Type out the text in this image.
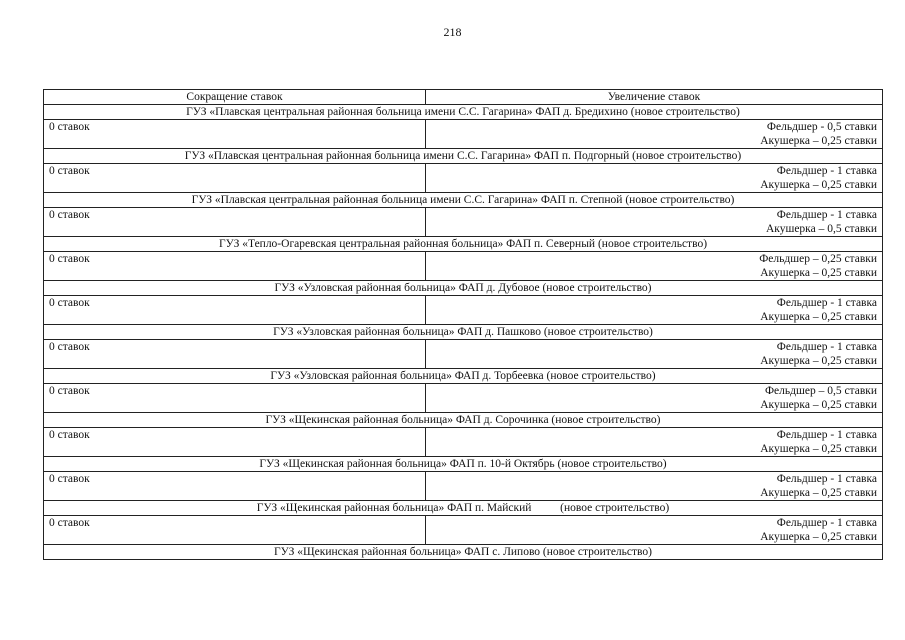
218
Сокращение ставок	Увеличение ставок
ГУЗ «Плавская центральная районная больница имени С.С. Гагарина» ФАП д. Бредихино (новое строительство)	
0 ставок	Фельдшер - 0,5 ставки
Акушерка – 0,25 ставки

ГУЗ «Плавская центральная районная больница имени С.С. Гагарина» ФАП п. Подгорный (новое строительство)	
0 ставок	Фельдшер - 1 ставка
Акушерка – 0,25 ставки

ГУЗ «Плавская центральная районная больница имени С.С. Гагарина» ФАП п. Степной (новое строительство)	
0 ставок	Фельдшер - 1 ставка
Акушерка – 0,5 ставки

ГУЗ «Тепло-Огаревская центральная районная больница» ФАП п. Северный (новое строительство)	
0 ставок	Фельдшер – 0,25 ставки
Акушерка – 0,25 ставки

ГУЗ «Узловская районная больница» ФАП д. Дубовое (новое строительство)	
0 ставок	Фельдшер - 1 ставка
Акушерка – 0,25 ставки

ГУЗ «Узловская районная больница» ФАП д. Пашково (новое строительство)	
0 ставок	Фельдшер - 1 ставка
Акушерка – 0,25 ставки

ГУЗ «Узловская районная больница» ФАП д. Торбеевка (новое строительство)	
0 ставок	Фельдшер – 0,5 ставки
Акушерка – 0,25 ставки

ГУЗ «Щекинская районная больница» ФАП д. Сорочинка (новое строительство)	
0 ставок	Фельдшер - 1 ставка
Акушерка – 0,25 ставки

ГУЗ «Щекинская районная больница» ФАП п. 10-й Октябрь (новое строительство)	
0 ставок	Фельдшер - 1 ставка
Акушерка – 0,25 ставки

ГУЗ «Щекинская районная больница» ФАП п. Майский          (новое строительство)	
0 ставок	Фельдшер - 1 ставка
Акушерка – 0,25 ставки

ГУЗ «Щекинская районная больница» ФАП с. Липово (новое строительство)	
